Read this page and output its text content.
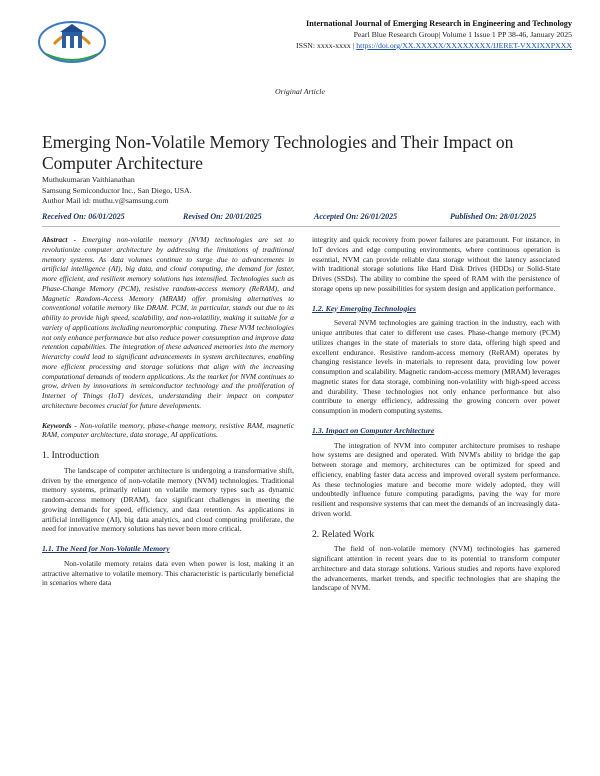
International Journal of Emerging Research in Engineering and Technology
Pearl Blue Research Group| Volume 1 Issue 1 PP 38-46, January 2025
ISSN: xxxx-xxxx | https://doi.org/XX.XXXXX/XXXXXXXX/IJERET-VXXIXXPXXX
Original Article
Emerging Non-Volatile Memory Technologies and Their Impact on Computer Architecture
Muthukumaran Vaithianathan
Samsung Semiconductor Inc., San Diego, USA.
Author Mail id: muthu.v@samsung.com
Received On: 06/01/2025	Revised On: 20/01/2025	Accepted On: 26/01/2025	Published On: 28/01/2025

Abstract - Emerging non-volatile memory (NVM) technologies are set to revolutionize computer architecture by addressing the limitations of traditional memory systems. As data volumes continue to surge due to advancements in artificial intelligence (AI), big data, and cloud computing, the demand for faster, more efficient, and resilient memory solutions has intensified. Technologies such as Phase-Change Memory (PCM), resistive random-access memory (ReRAM), and Magnetic Random-Access Memory (MRAM) offer promising alternatives to conventional volatile memory like DRAM. PCM, in particular, stands out due to its ability to provide high speed, scalability, and non-volatility, making it suitable for a variety of applications including neuromorphic computing. These NVM technologies not only enhance performance but also reduce power consumption and improve data retention capabilities. The integration of these advanced memories into the memory hierarchy could lead to significant advancements in system architectures, enabling more efficient processing and storage solutions that align with the increasing computational demands of modern applications. As the market for NVM continues to grow, driven by innovations in semiconductor technology and the proliferation of Internet of Things (IoT) devices, understanding their impact on computer architecture becomes crucial for future developments.

Keywords - Non-volatile memory, phase-change memory, resistive RAM, magnetic RAM, computer architecture, data storage, AI applications.

1. Introduction

The landscape of computer architecture is undergoing a transformative shift, driven by the emergence of non-volatile memory (NVM) technologies. Traditional memory systems, primarily reliant on volatile memory types such as dynamic random-access memory (DRAM), face significant challenges in meeting the growing demands for speed, efficiency, and data retention. As applications in artificial intelligence (AI), big data analytics, and cloud computing proliferate, the need for innovative memory solutions has never been more critical.

1.1. The Need for Non-Volatile Memory

Non-volatile memory retains data even when power is lost, making it an attractive alternative to volatile memory. This characteristic is particularly beneficial in scenarios where data

integrity and quick recovery from power failures are paramount. For instance, in IoT devices and edge computing environments, where continuous operation is essential, NVM can provide reliable data storage without the latency associated with traditional storage solutions like Hard Disk Drives (HDDs) or Solid-State Drives (SSDs). The ability to combine the speed of RAM with the persistence of storage opens up new possibilities for system design and application performance.

1.2. Key Emerging Technologies

Several NVM technologies are gaining traction in the industry, each with unique attributes that cater to different use cases. Phase-change memory (PCM) utilizes changes in the state of materials to store data, offering high speed and excellent endurance. Resistive random-access memory (ReRAM) operates by changing resistance levels in materials to represent data, providing low power consumption and scalability. Magnetic random-access memory (MRAM) leverages magnetic states for data storage, combining non-volatility with high-speed access and durability. These technologies not only enhance performance but also contribute to energy efficiency, addressing the growing concern over power consumption in modern computing systems.

1.3. Impact on Computer Architecture

The integration of NVM into computer architecture promises to reshape how systems are designed and operated. With NVM's ability to bridge the gap between storage and memory, architectures can be optimized for speed and efficiency, enabling faster data access and improved overall system performance. As these technologies mature and become more widely adopted, they will undoubtedly influence future computing paradigms, paving the way for more resilient and responsive systems that can meet the demands of an increasingly data-driven world.

2. Related Work

The field of non-volatile memory (NVM) technologies has garnered significant attention in recent years due to its potential to transform computer architecture and data storage solutions. Various studies and reports have explored the advancements, market trends, and specific technologies that are shaping the landscape of NVM.
